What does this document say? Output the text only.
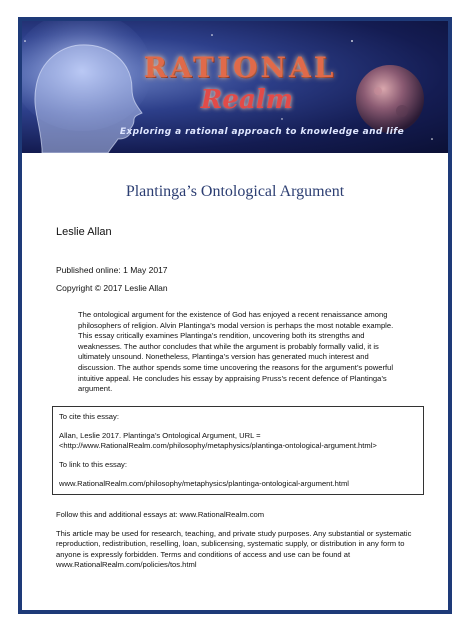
RATIONAL
Realm
Exploring a rational approach to knowledge and life
Plantinga’s Ontological Argument
Leslie Allan
Published online: 1 May 2017
Copyright © 2017 Leslie Allan
The ontological argument for the existence of God has enjoyed a recent renaissance among philosophers of religion. Alvin Plantinga’s modal version is perhaps the most notable example. This essay critically examines Plantinga’s rendition, uncovering both its strengths and weaknesses. The author concludes that while the argument is probably formally valid, it is ultimately unsound. Nonetheless, Plantinga’s version has generated much interest and discussion. The author spends some time uncovering the reasons for the argument’s powerful intuitive appeal. He concludes his essay by appraising Pruss’s recent defence of Plantinga’s argument.

To cite this essay:

Allan, Leslie 2017. Plantinga’s Ontological Argument, URL =

<http://www.RationalRealm.com/philosophy/metaphysics/plantinga-ontological-argument.html>

To link to this essay:

www.RationalRealm.com/philosophy/metaphysics/plantinga-ontological-argument.html

Follow this and additional essays at: www.RationalRealm.com
This article may be used for research, teaching, and private study purposes. Any substantial or systematic reproduction, redistribution, reselling, loan, sublicensing, systematic supply, or distribution in any form to anyone is expressly forbidden. Terms and conditions of access and use can be found at www.RationalRealm.com/policies/tos.html
